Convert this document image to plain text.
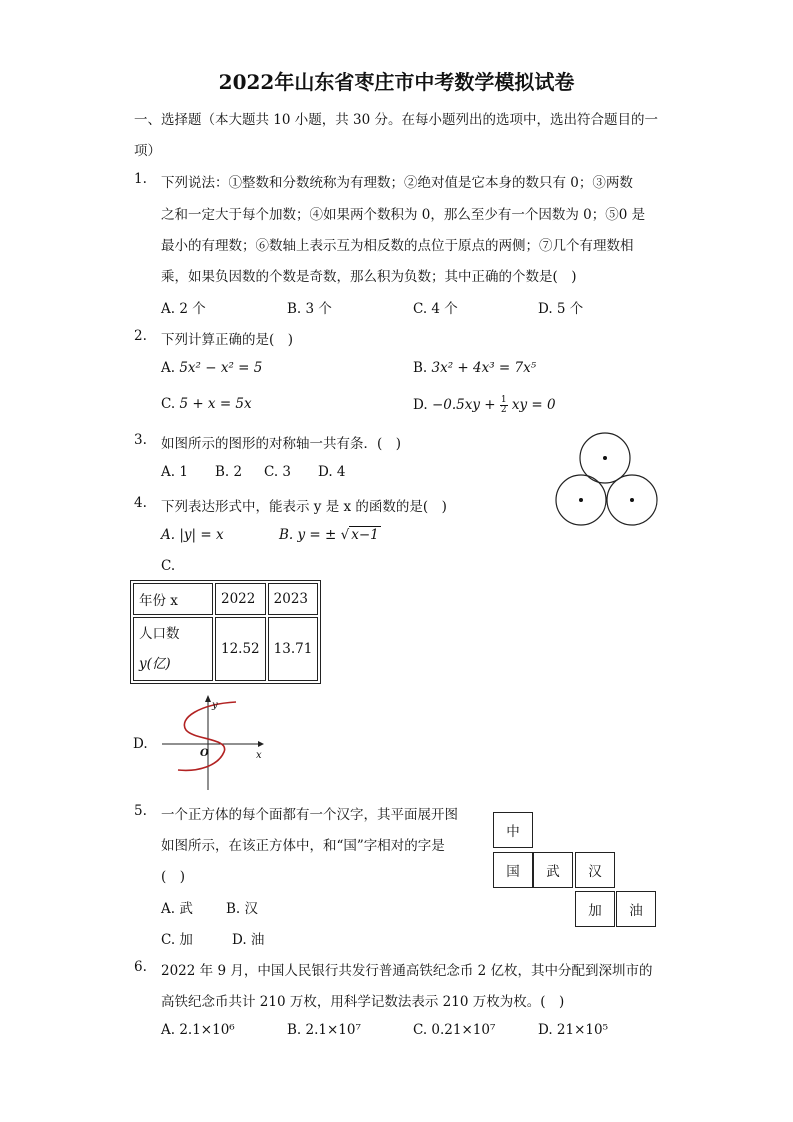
2022年山东省枣庄市中考数学模拟试卷
一、选择题（本大题共 10 小题，共 30 分。在每小题列出的选项中，选出符合题目的一
项）
1. 下列说法：①整数和分数统称为有理数；②绝对值是它本身的数只有 0；③两数
之和一定大于每个加数；④如果两个数积为 0，那么至少有一个因数为 0；⑤0 是
最小的有理数；⑥数轴上表示互为相反数的点位于原点的两侧；⑦几个有理数相
乘，如果负因数的个数是奇数，那么积为负数；其中正确的个数是(　)
A. 2 个	B. 3 个	C. 4 个	D. 5 个
2. 下列计算正确的是(　)
A. 5x² − x² = 5	B. 3x² + 4x³ = 7x⁵
C. 5 + x = 5x	D. $-0.5xy + \frac{1}{2}$ xy = 0
3. 如图所示的图形的对称轴一共有条．(　)
A. 1 B. 2 C. 3 D. 4
4. 下列表达形式中，能表示 y 是 x 的函数的是(　)
A. |y| = x	B. y = ± √ x−1
C.
年份 x	2022	2023

人口数
y(亿)	12.52	13.71
D.
y
x
O
5. 一个正方体的每个面都有一个汉字，其平面展开图
如图所示，在该正方体中，和“国”字相对的字是
(　)
A. 武 B. 汉
C. 加	D. 油
中
国	武	汉
加	油
6. 2022 年 9 月，中国人民银行共发行普通高铁纪念币 2 亿枚，其中分配到深圳市的
高铁纪念币共计 210 万枚，用科学记数法表示 210 万枚为枚。(　)
A. 2.1×10⁶	B. 2.1×10⁷	C. 0.21×10⁷	D. 21×10⁵
